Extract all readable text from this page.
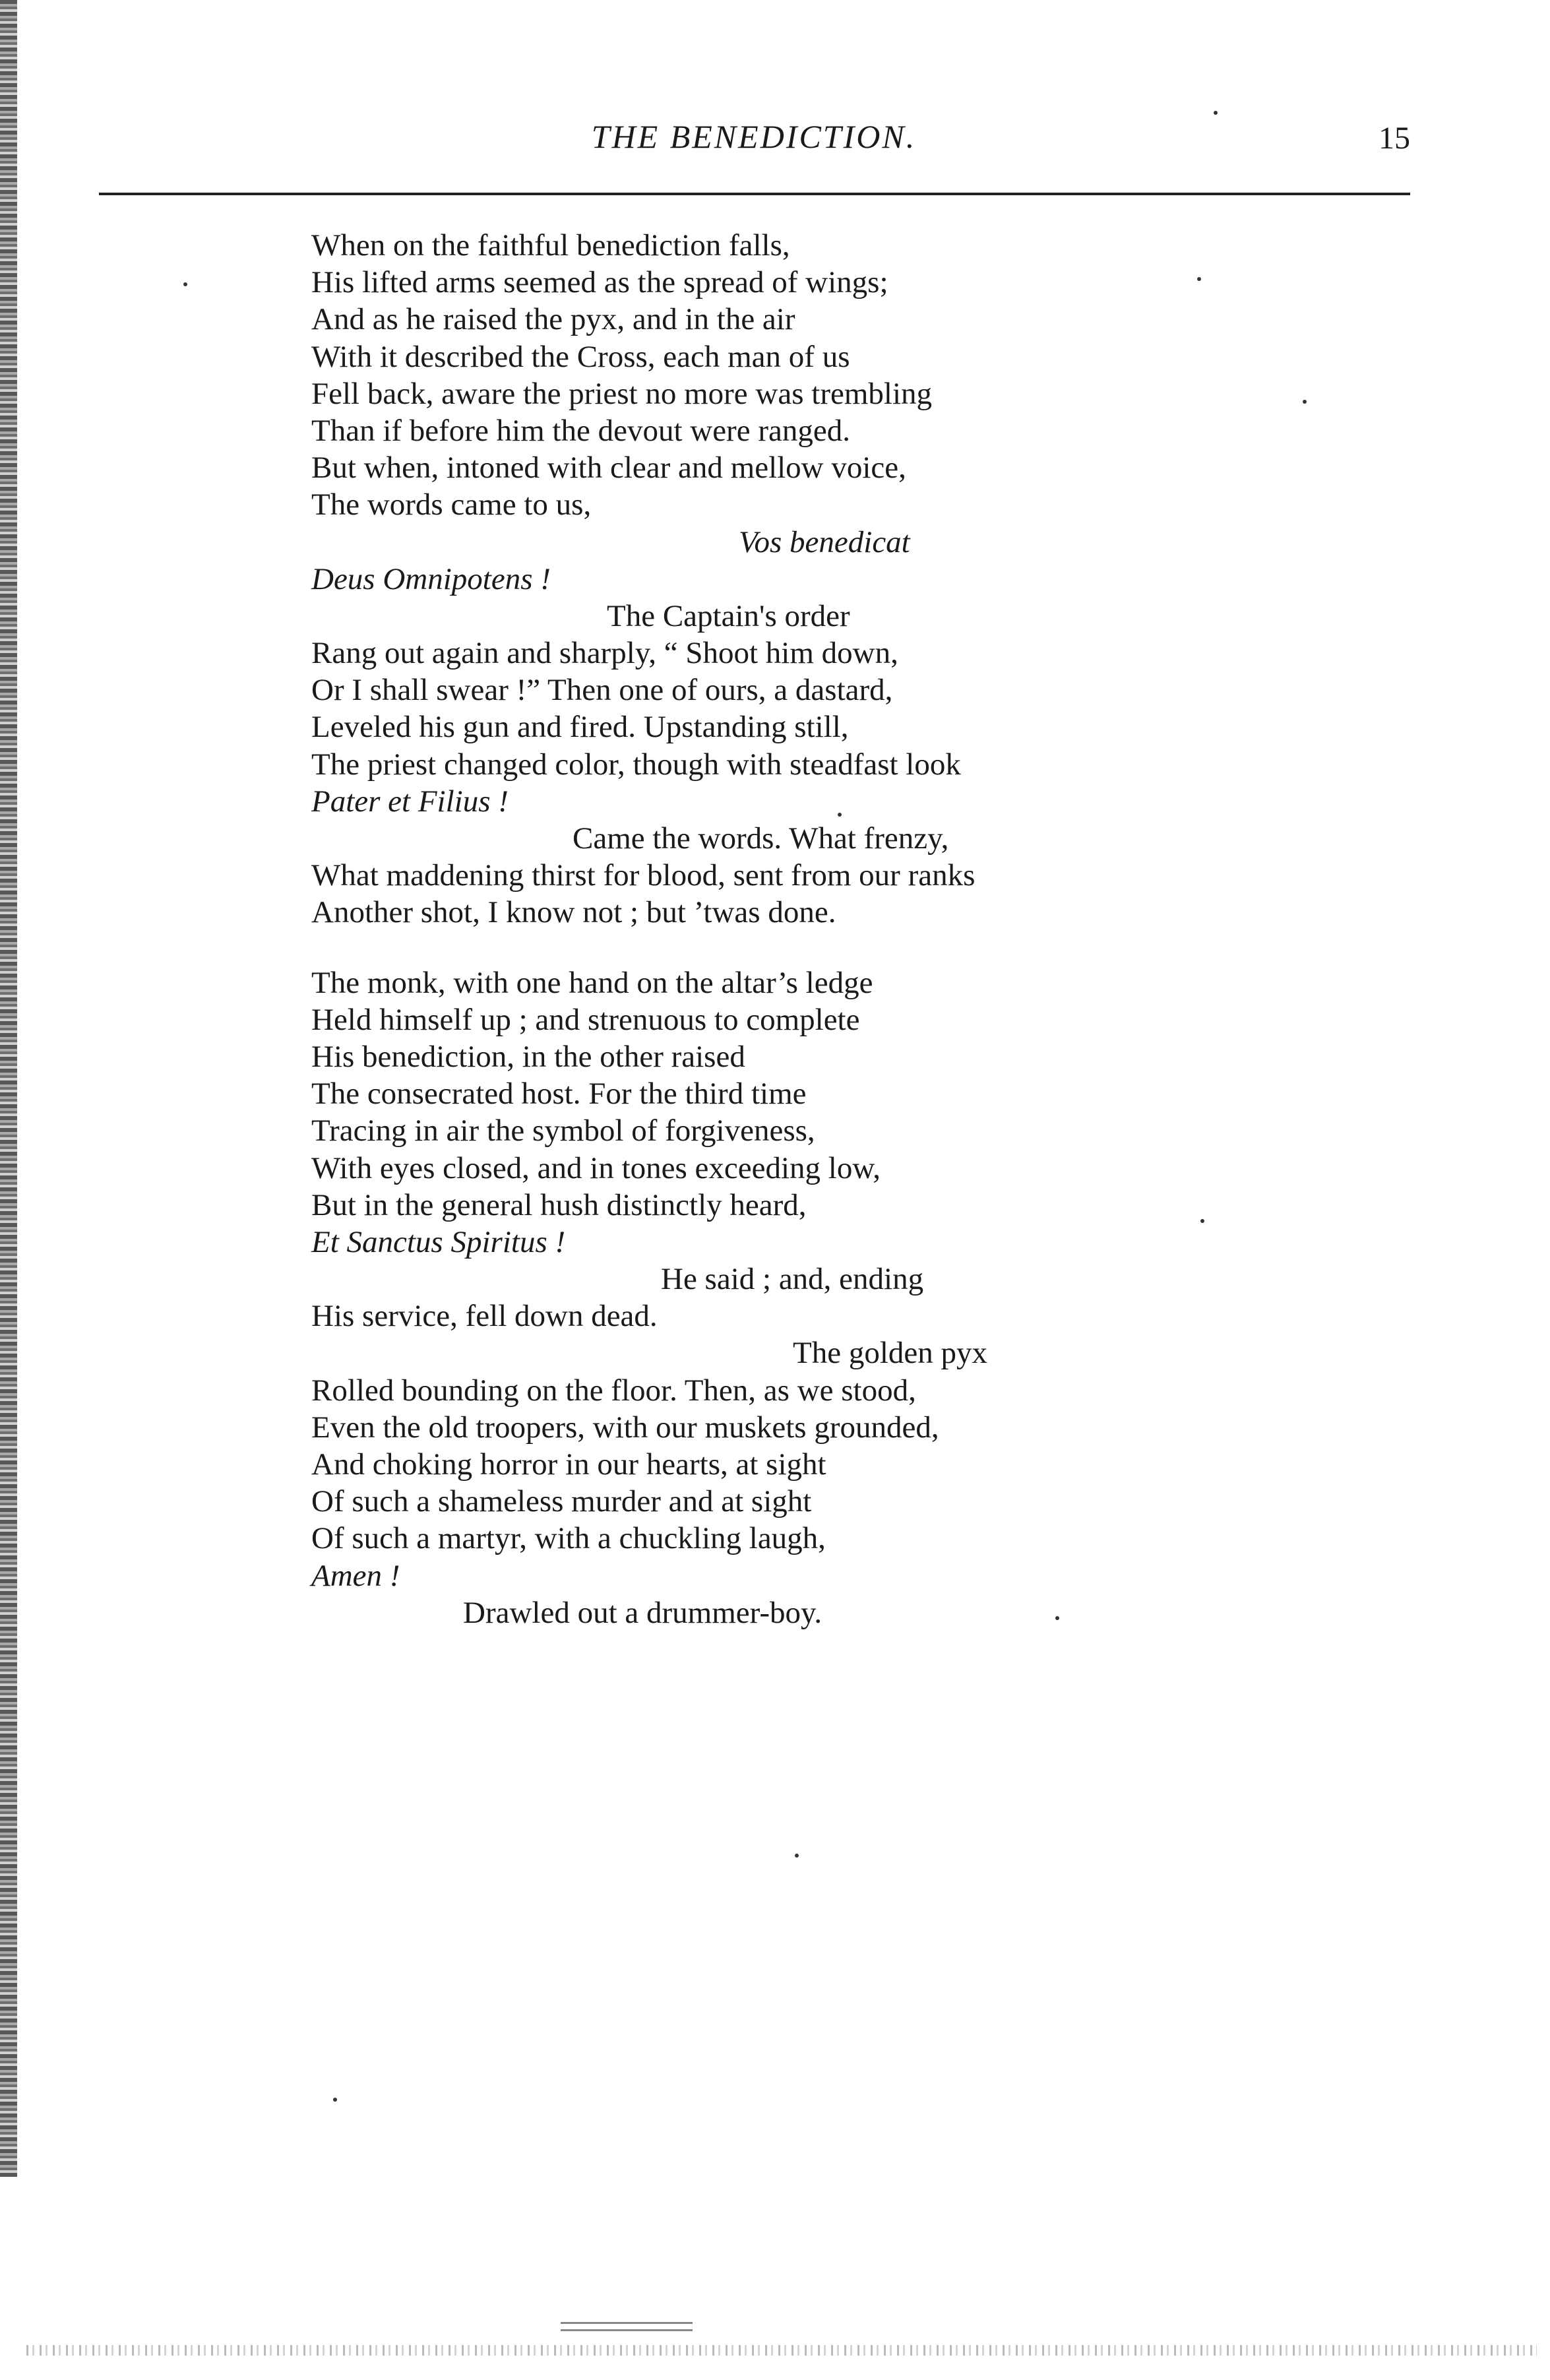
THE BENEDICTION.	15
When on the faithful benediction falls,
His lifted arms seemed as the spread of wings;
And as he raised the pyx, and in the air
With it described the Cross, each man of us
Fell back, aware the priest no more was trembling
Than if before him the devout were ranged.
But when, intoned with clear and mellow voice,
The words came to us,
Vos benedicat
Deus Omnipotens !
The Captain's order
Rang out again and sharply, “ Shoot him down,
Or I shall swear !” Then one of ours, a dastard,
Leveled his gun and fired. Upstanding still,
The priest changed color, though with steadfast look
Pater et Filius !
Came the words. What frenzy,
What maddening thirst for blood, sent from our ranks
Another shot, I know not ; but ’twas done.
The monk, with one hand on the altar’s ledge
Held himself up ; and strenuous to complete
His benediction, in the other raised
The consecrated host. For the third time
Tracing in air the symbol of forgiveness,
With eyes closed, and in tones exceeding low,
But in the general hush distinctly heard,
Et Sanctus Spiritus !
He said ; and, ending
His service, fell down dead.
The golden pyx
Rolled bounding on the floor. Then, as we stood,
Even the old troopers, with our muskets grounded,
And choking horror in our hearts, at sight
Of such a shameless murder and at sight
Of such a martyr, with a chuckling laugh,
Amen !
Drawled out a drummer-boy.
